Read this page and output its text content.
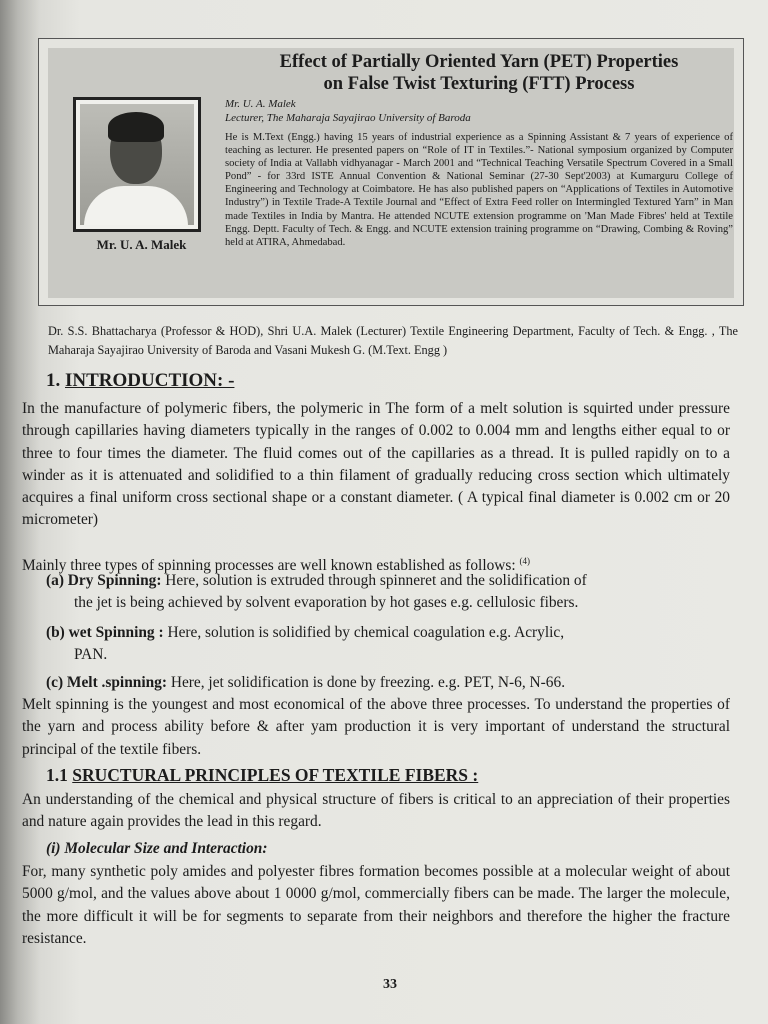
Mr. U. A. Malek
Effect of Partially Oriented Yarn (PET) Properties
on False Twist Texturing (FTT) Process
Mr. U. A. Malek
Lecturer, The Maharaja Sayajirao University of Baroda
He is M.Text (Engg.) having 15 years of industrial experience as a Spinning Assistant & 7 years of experience of teaching as lecturer. He presented papers on “Role of IT in Textiles.”- National symposium organized by Computer society of India at Vallabh vidhyanagar - March 2001 and “Technical Teaching Versatile Spectrum Covered in a Small Pond” - for 33rd ISTE Annual Convention & National Seminar (27-30 Sept'2003) at Kumarguru College of Engineering and Technology at Coimbatore. He has also published papers on “Applications of Textiles in Automotive Industry”) in Textile Trade-A Textile Journal and “Effect of Extra Feed roller on Intermingled Textured Yarn” in Man made Textiles in India by Mantra. He attended NCUTE extension programme on 'Man Made Fibres' held at Textile Engg. Deptt. Faculty of Tech. & Engg. and NCUTE extension training programme on “Drawing, Combing & Roving” held at ATIRA, Ahmedabad.
Dr. S.S. Bhattacharya (Professor & HOD), Shri U.A. Malek (Lecturer) Textile Engineering Department, Faculty of Tech. & Engg. , The Maharaja Sayajirao University of Baroda and Vasani Mukesh G. (M.Text. Engg )
1. INTRODUCTION: -
In the manufacture of polymeric fibers, the polymeric in The form of a melt solution is squirted under pressure through capillaries having diameters typically in the ranges of 0.002 to 0.004 mm and lengths either equal to or three to four times the diameter. The fluid comes out of the capillaries as a thread. It is pulled rapidly on to a winder as it is attenuated and solidified to a thin filament of gradually reducing cross section which ultimately acquires a final uniform cross sectional shape or a constant diameter. ( A typical final diameter is 0.002 cm or 20 micrometer)
Mainly three types of spinning processes are well known established as follows: $^{(4)}$
(a) Dry Spinning: Here, solution is extruded through spinneret and the solidification of
the jet is being achieved by solvent evaporation by hot gases e.g. cellulosic fibers.
(b) wet Spinning : Here, solution is solidified by chemical coagulation e.g. Acrylic,
PAN.
(c) Melt .spinning: Here, jet solidification is done by freezing. e.g. PET, N-6, N-66.
Melt spinning is the youngest and most economical of the above three processes. To understand the properties of the yarn and process ability before & after yam production it is very important of understand the structural principal of the textile fibers.
1.1 SRUCTURAL PRINCIPLES OF TEXTILE FIBERS :
An understanding of the chemical and physical structure of fibers is critical to an appreciation of their properties and nature again provides the lead in this regard.
(i) Molecular Size and Interaction:
For, many synthetic poly amides and polyester fibres formation becomes possible at a molecular weight of about 5000 g/mol, and the values above about 1 0000 g/mol, commercially fibers can be made. The larger the molecule, the more difficult it will be for segments to separate from their neighbors and therefore the higher the fracture resistance.
33
